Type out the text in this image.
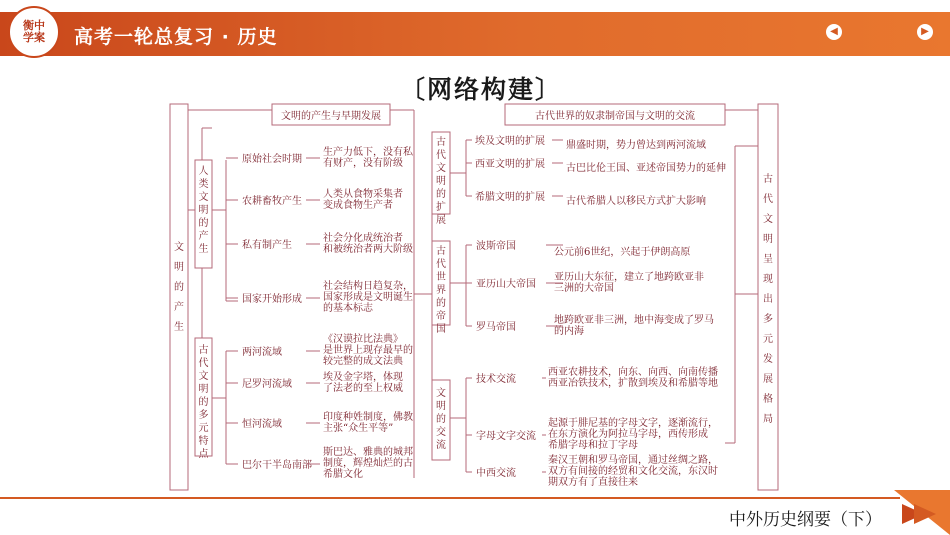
衡中学案 高考一轮总复习 · 历史	◀	▶
〔网络构建〕
文明的产生
文明的产生与早期发展
人类文明的产生
原始社会时期
生产力低下，没有私
有财产，没有阶级
农耕畜牧产生
人类从食物采集者
变成食物生产者
私有制产生
社会分化成统治者
和被统治者两大阶级
国家开始形成
社会结构日趋复杂，
国家形成是文明诞生
的基本标志
古代文明的多元特点
两河流域
《汉谟拉比法典》
是世界上现存最早的
较完整的成文法典
尼罗河流域
埃及金字塔，体现
了法老的至上权威
恒河流域
印度种姓制度，佛教
主张“众生平等”
巴尔干半岛南部
斯巴达、雅典的城邦
制度，辉煌灿烂的古
希腊文化
古代世界的奴隶制帝国与文明的交流
古代文明呈现出多元发展格局
古代文明的扩展
埃及文明的扩展 鼎盛时期，势力曾达到两河流域
西亚文明的扩展 古巴比伦王国、亚述帝国势力的延伸
希腊文明的扩展 古代希腊人以移民方式扩大影响
古代世界的帝国
波斯帝国
公元前6世纪，兴起于伊朗高原
亚历山大帝国
亚历山大东征，建立了地跨欧亚非
三洲的大帝国
罗马帝国
地跨欧亚非三洲，地中海变成了罗马
的内海
文明的交流
技术交流
西亚农耕技术，向东、向西、向南传播
西亚冶铁技术，扩散到埃及和希腊等地
字母文字交流
起源于腓尼基的字母文字，逐渐流行，
在东方演化为阿拉马字母，西传形成
希腊字母和拉丁字母
中西交流
秦汉王朝和罗马帝国，通过丝绸之路，
双方有间接的经贸和文化交流，东汉时
期双方有了直接往来
中外历史纲要（下）
